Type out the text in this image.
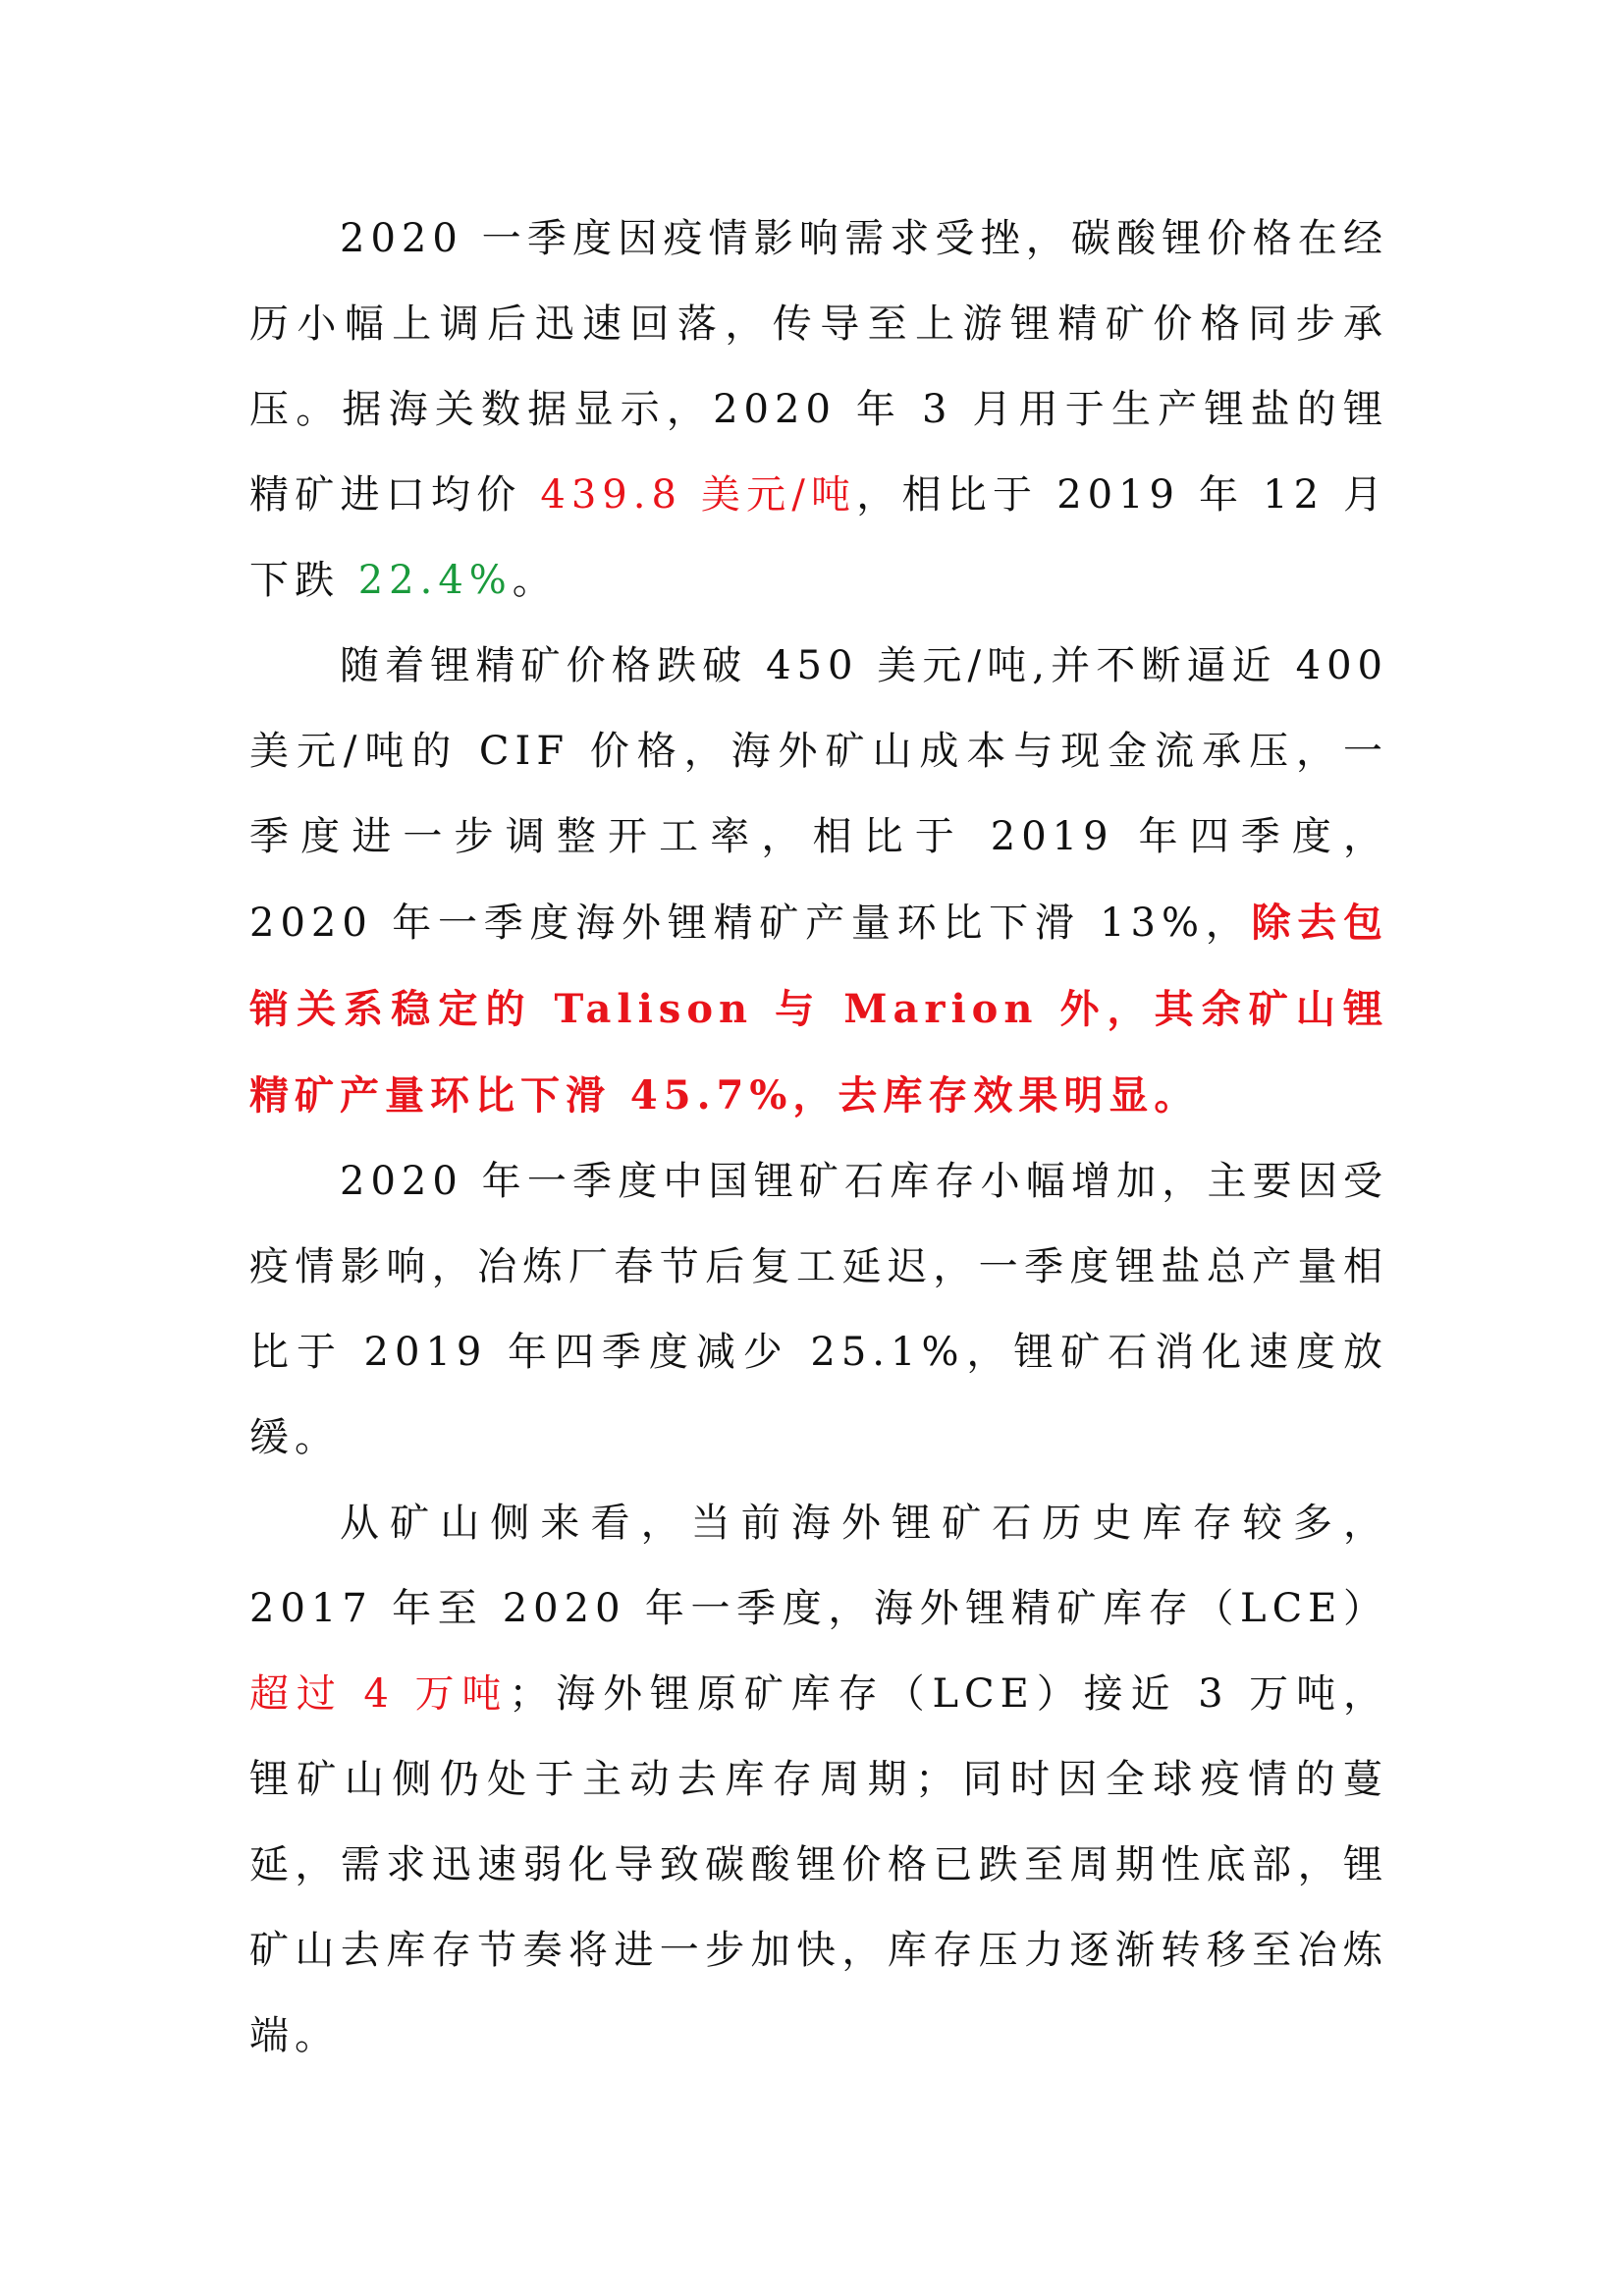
2020 一季度因疫情影响需求受挫，碳酸锂价格在经历小幅上调后迅速回落，传导至上游锂精矿价格同步承压。据海关数据显示，2020 年 3 月用于生产锂盐的锂精矿进口均价 439.8 美元/吨，相比于 2019 年 12 月下跌 22.4%。

随着锂精矿价格跌破 450 美元/吨,并不断逼近 400 美元/吨的 CIF 价格，海外矿山成本与现金流承压，一季度进一步调整开工率，相比于 2019 年四季度，2020 年一季度海外锂精矿产量环比下滑 13%，除去包销关系稳定的 Talison 与 Marion 外，其余矿山锂精矿产量环比下滑 45.7%，去库存效果明显。

2020 年一季度中国锂矿石库存小幅增加，主要因受疫情影响，冶炼厂春节后复工延迟，一季度锂盐总产量相比于 2019 年四季度减少 25.1%，锂矿石消化速度放缓。

从矿山侧来看，当前海外锂矿石历史库存较多，2017 年至 2020 年一季度，海外锂精矿库存（LCE）超过 4 万吨；海外锂原矿库存（LCE）接近 3 万吨，锂矿山侧仍处于主动去库存周期；同时因全球疫情的蔓延，需求迅速弱化导致碳酸锂价格已跌至周期性底部，锂矿山去库存节奏将进一步加快，库存压力逐渐转移至冶炼端。
